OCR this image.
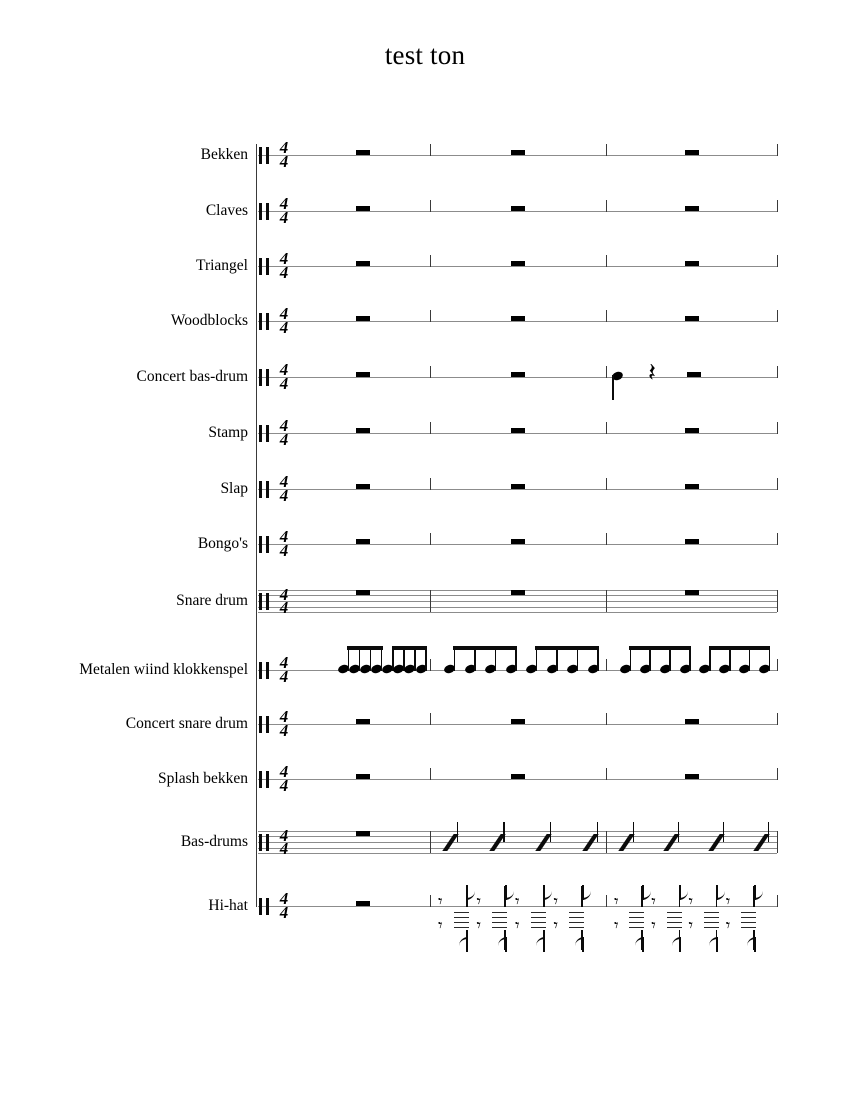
test ton
Bekken 4
4
Claves 4
4
Triangel 4
4
Woodblocks 4
4
Concert bas-drum 4
4	𝄽
Stamp 4
4
Slap 4
4
Bongo's 4
4
Snare drum 4
4
Metalen wiind klokkenspel 4
4
Concert snare drum 4
4
Splash bekken 4
4
Bas-drums 4
4
Hi-hat 4
4	𝄾
𝄾
𝄾
𝄾
𝄾
𝄾
𝄾
𝄾
𝄾
𝄾
𝄾
𝄾
𝄾
𝄾
𝄾
𝄾
